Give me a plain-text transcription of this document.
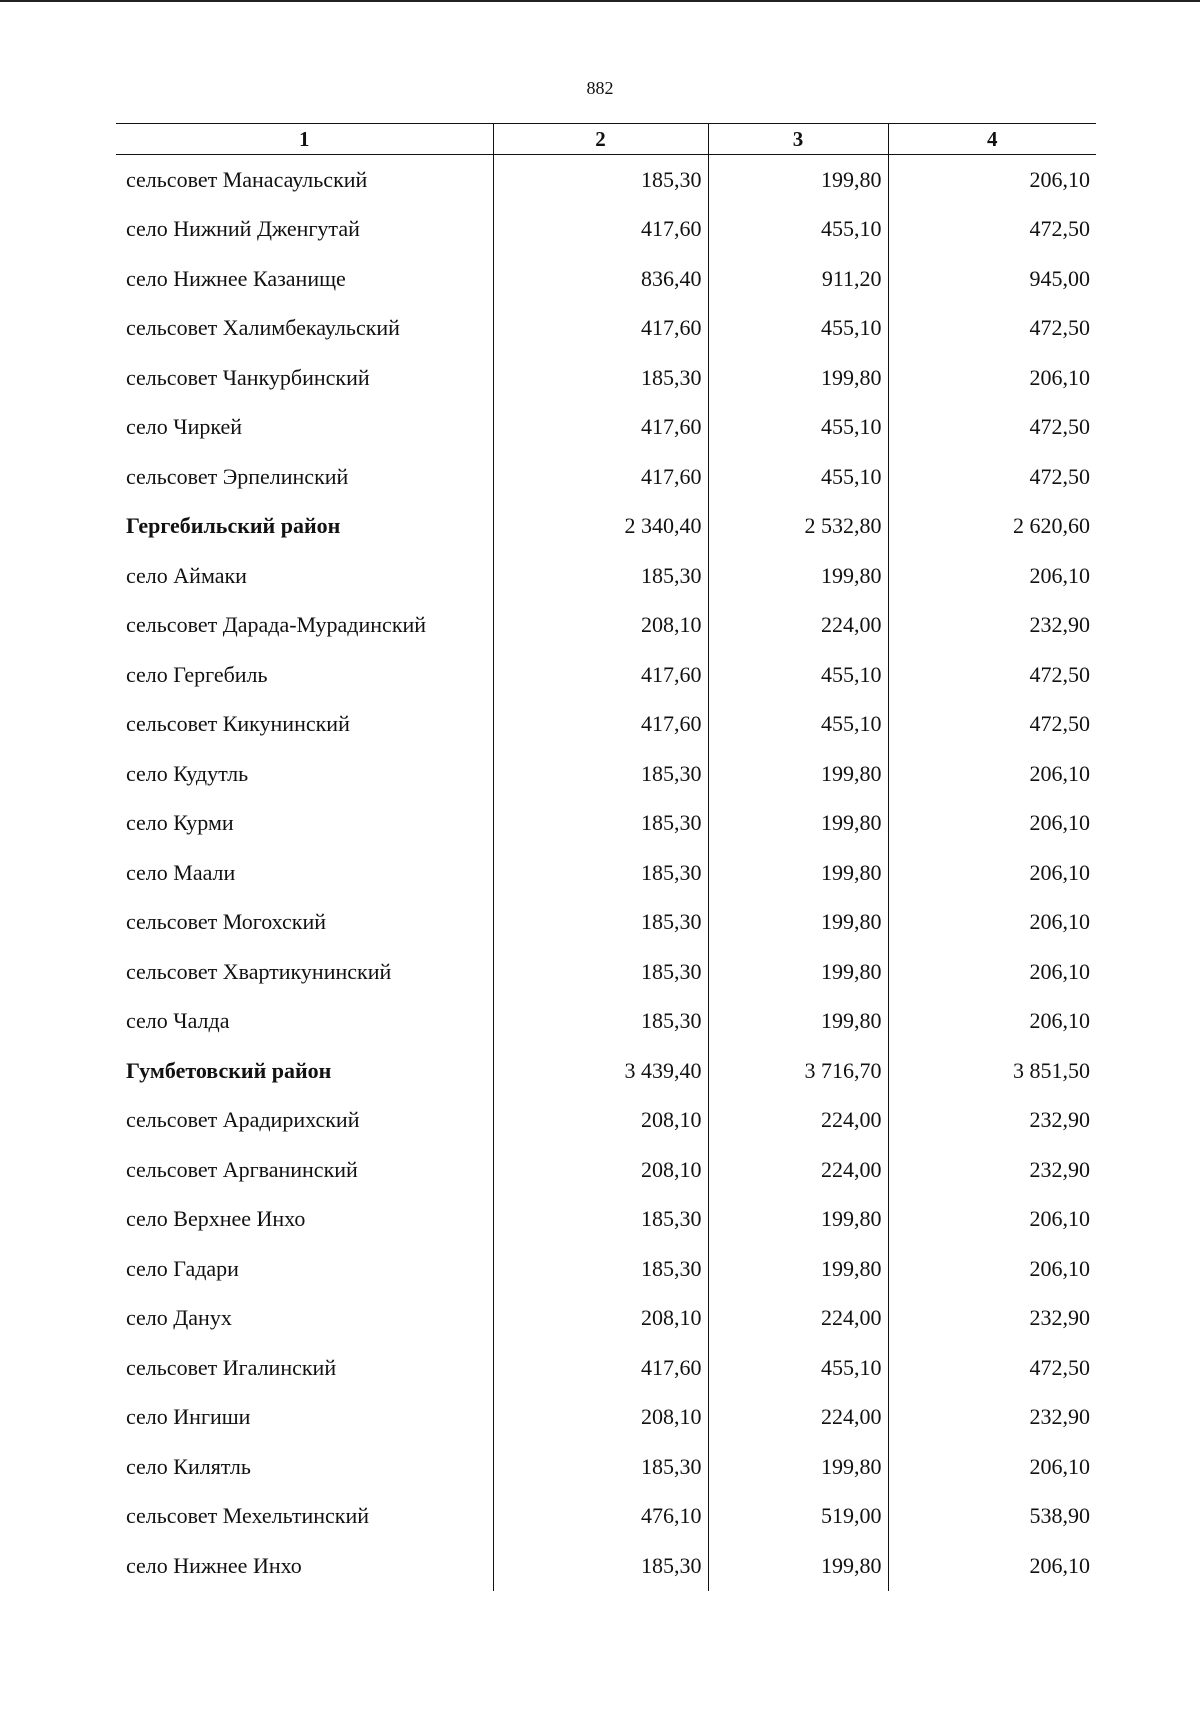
882
1	2	3	4
сельсовет Манасаульский	185,30	199,80	206,10
село Нижний Дженгутай	417,60	455,10	472,50
село Нижнее Казанище	836,40	911,20	945,00
сельсовет Халимбекаульский	417,60	455,10	472,50
сельсовет Чанкурбинский	185,30	199,80	206,10
село Чиркей	417,60	455,10	472,50
сельсовет Эрпелинский	417,60	455,10	472,50
Гергебильский район	2 340,40	2 532,80	2 620,60
село Аймаки	185,30	199,80	206,10
сельсовет Дарада-Мурадинский	208,10	224,00	232,90
село Гергебиль	417,60	455,10	472,50
сельсовет Кикунинский	417,60	455,10	472,50
село Кудутль	185,30	199,80	206,10
село Курми	185,30	199,80	206,10
село Маали	185,30	199,80	206,10
сельсовет Могохский	185,30	199,80	206,10
сельсовет Хвартикунинский	185,30	199,80	206,10
село Чалда	185,30	199,80	206,10
Гумбетовский район	3 439,40	3 716,70	3 851,50
сельсовет Арадирихский	208,10	224,00	232,90
сельсовет Аргванинский	208,10	224,00	232,90
село Верхнее Инхо	185,30	199,80	206,10
село Гадари	185,30	199,80	206,10
село Данух	208,10	224,00	232,90
сельсовет Игалинский	417,60	455,10	472,50
село Ингиши	208,10	224,00	232,90
село Килятль	185,30	199,80	206,10
сельсовет Мехельтинский	476,10	519,00	538,90
село Нижнее Инхо	185,30	199,80	206,10
